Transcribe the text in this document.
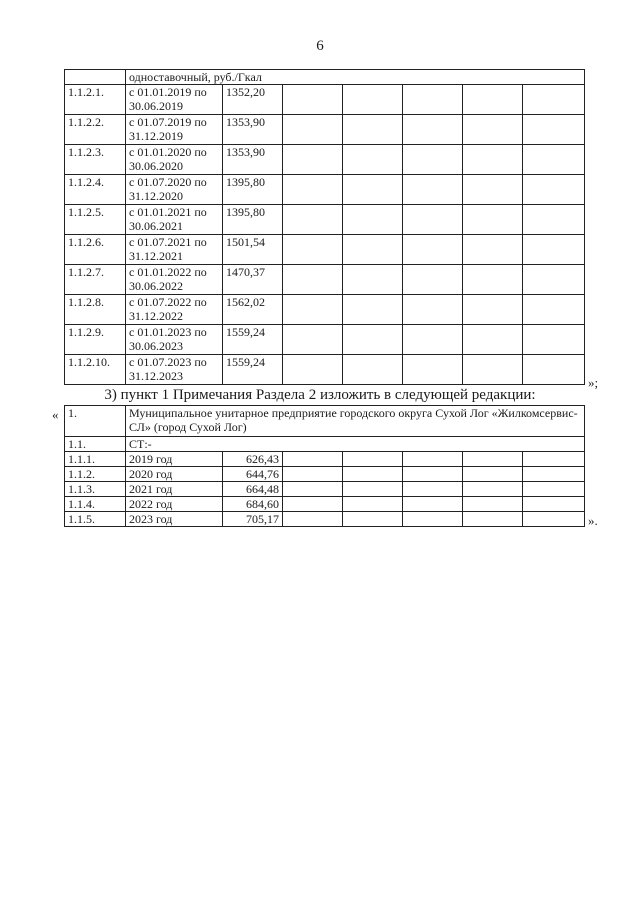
6
	одноставочный, руб./Гкал						
1.1.2.1.	с 01.01.2019 по 30.06.2019	1352,20					
1.1.2.2.	с 01.07.2019 по 31.12.2019	1353,90					
1.1.2.3.	с 01.01.2020 по 30.06.2020	1353,90					
1.1.2.4.	с 01.07.2020 по 31.12.2020	1395,80					
1.1.2.5.	с 01.01.2021 по 30.06.2021	1395,80					
1.1.2.6.	с 01.07.2021 по 31.12.2021	1501,54					
1.1.2.7.	с 01.01.2022 по 30.06.2022	1470,37					
1.1.2.8.	с 01.07.2022 по 31.12.2022	1562,02					
1.1.2.9.	с 01.01.2023 по 30.06.2023	1559,24					
1.1.2.10.	с 01.07.2023 по 31.12.2023	1559,24					
»;
3) пункт 1 Примечания Раздела 2 изложить в следующей редакции:
« 1.	Муниципальное унитарное предприятие городского округа Сухой Лог «Жилкомсервис-СЛ» (город Сухой Лог)						
1.1.	СТ:-						
1.1.1.	2019 год	626,43					
1.1.2.	2020 год	644,76					
1.1.3.	2021 год	664,48					
1.1.4.	2022 год	684,60					
1.1.5.	2023 год	705,17						».
